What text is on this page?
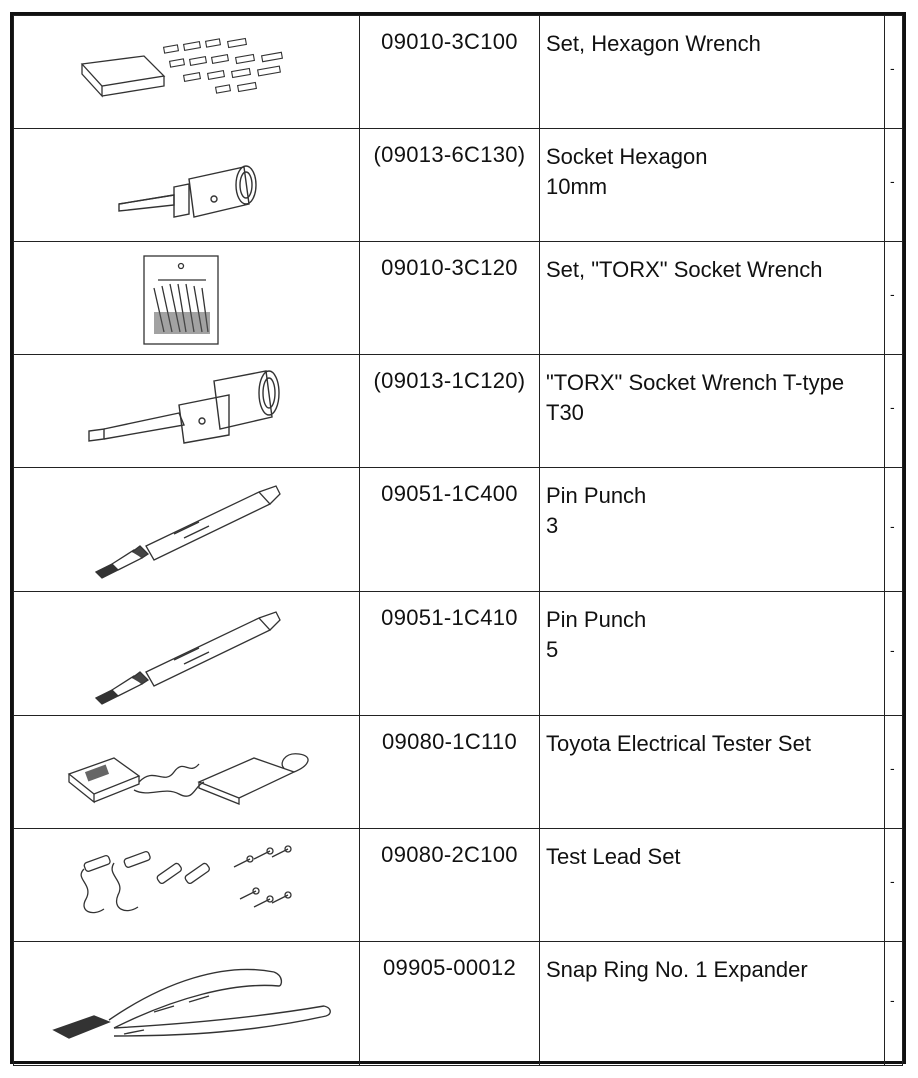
	09010-3C100	Set, Hexagon Wrench	-

	(09013-6C130)	Socket Hexagon
10mm	-

	09010-3C120	Set, "TORX" Socket Wrench	-

	(09013-1C120)	"TORX" Socket Wrench T-type
T30	-

	09051-1C400	Pin Punch
3	-

	09051-1C410	Pin Punch
5	-

	09080-1C110	Toyota Electrical Tester Set	-

	09080-2C100	Test Lead Set	-

	09905-00012	Snap Ring No. 1 Expander	-
